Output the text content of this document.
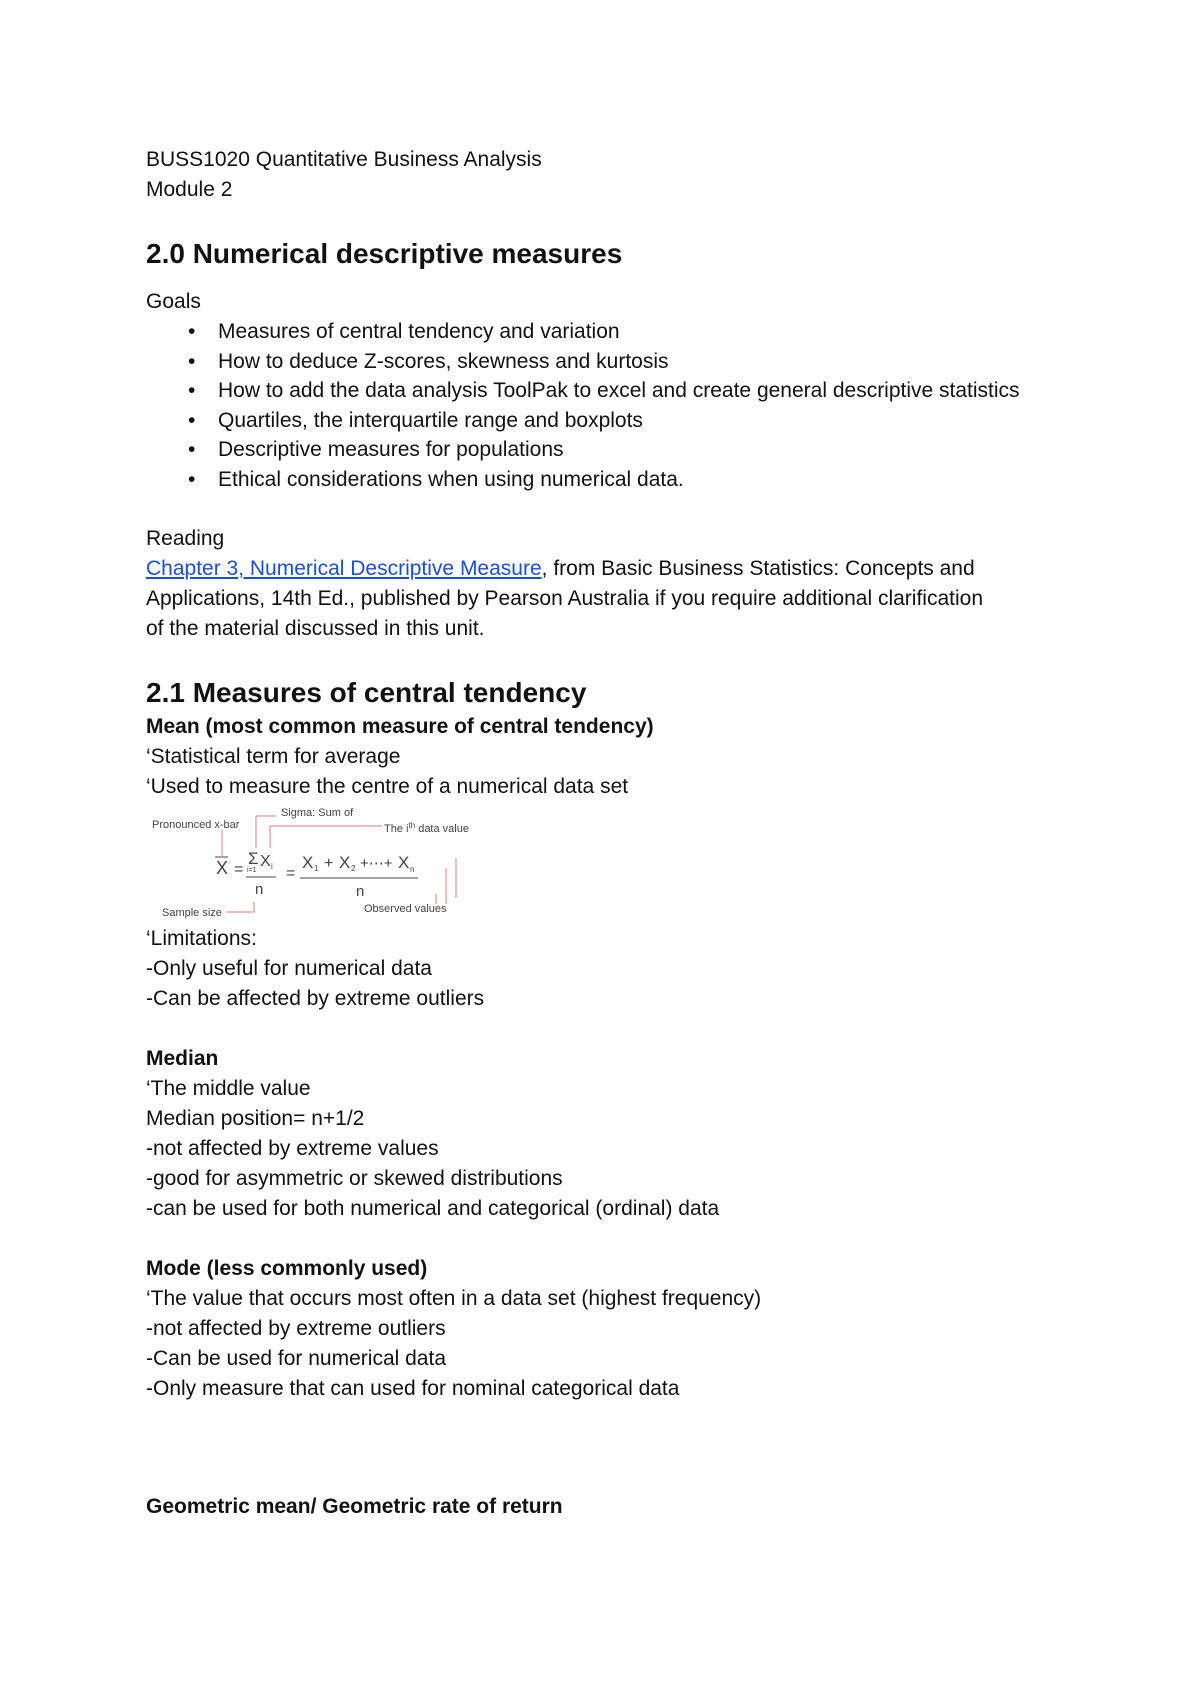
BUSS1020 Quantitative Business Analysis
Module 2
2.0 Numerical descriptive measures
Goals
• Measures of central tendency and variation
• How to deduce Z-scores, skewness and kurtosis
• How to add the data analysis ToolPak to excel and create general descriptive statistics
• Quartiles, the interquartile range and boxplots
• Descriptive measures for populations
• Ethical considerations when using numerical data.
Reading
Chapter 3, Numerical Descriptive Measure, from Basic Business Statistics: Concepts and
Applications, 14th Ed., published by Pearson Australia if you require additional clarification
of the material discussed in this unit.
2.1 Measures of central tendency
Mean (most common measure of central tendency)
‘Statistical term for average
‘Used to measure the centre of a numerical data set
Pronounced x-bar
Sigma: Sum of
The $i^{th}$ data value
Sample size	Observed values
X =
Σ X i
i=1
n
=
X 1 + X 2 +⋯+ X n
n
‘Limitations:
-Only useful for numerical data
-Can be affected by extreme outliers
Median
‘The middle value
Median position= n+1/2
-not affected by extreme values
-good for asymmetric or skewed distributions
-can be used for both numerical and categorical (ordinal) data
Mode (less commonly used)
‘The value that occurs most often in a data set (highest frequency)
-not affected by extreme outliers
-Can be used for numerical data
-Only measure that can used for nominal categorical data
Geometric mean/ Geometric rate of return
